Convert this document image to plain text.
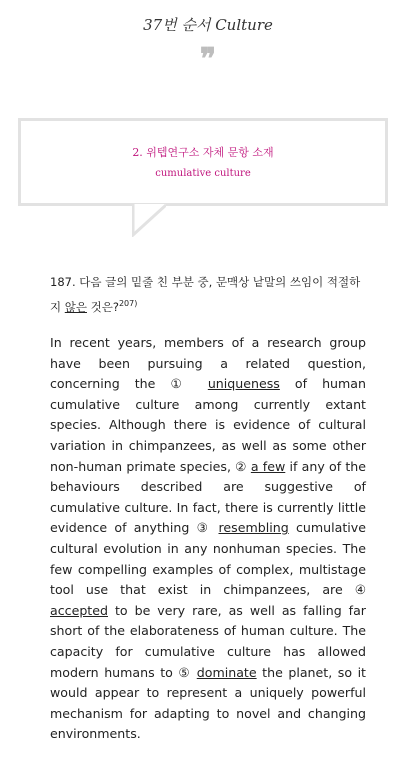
37번 순서 Culture
❞
2. 위텝연구소 자체 문항 소재
cumulative culture
187. 다음 글의 밑줄 친 부분 중, 문맥상 낱말의 쓰임이 적절하지 않은 것은?$^{207)}$
In recent years, members of a research group have been pursuing a related question, concerning the ① uniqueness of human cumulative culture among currently extant species. Although there is evidence of cultural variation in chimpanzees, as well as some other non-human primate species, ② a few if any of the behaviours described are suggestive of cumulative culture. In fact, there is currently little evidence of anything ③ resembling cumulative cultural evolution in any nonhuman species. The few compelling examples of complex, multistage tool use that exist in chimpanzees, are ④ accepted to be very rare, as well as falling far short of the elaborateness of human culture. The capacity for cumulative culture has allowed modern humans to ⑤ dominate the planet, so it would appear to represent a uniquely powerful mechanism for adapting to novel and changing environments.
